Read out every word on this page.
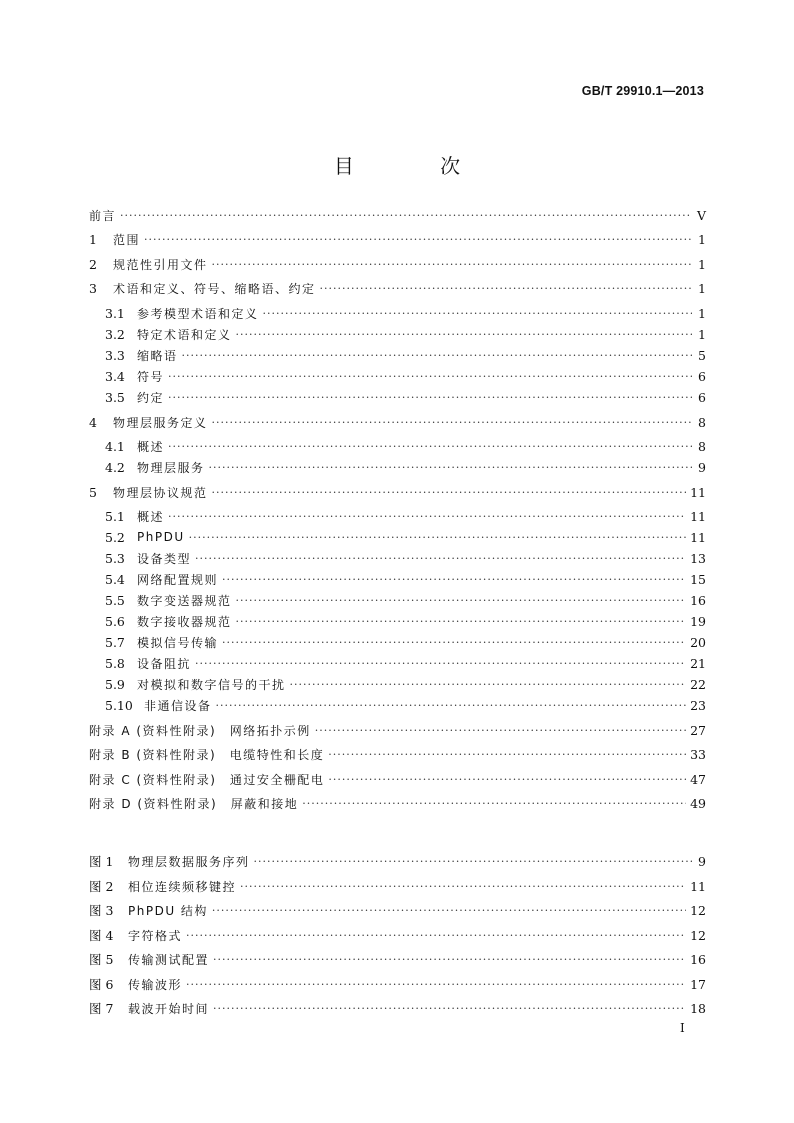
GB/T 29910.1—2013
目 次
前言 ·····	V
1	范围 ·····	1
2	规范性引用文件 ·····	1
3	术语和定义、符号、缩略语、约定 ·····	1
3.1	参考模型术语和定义 ·····	1
3.2	特定术语和定义 ·····	1
3.3	缩略语 ·····	5
3.4	符号 ·····	6
3.5	约定 ·····	6
4	物理层服务定义 ·····	8
4.1	概述 ·····	8
4.2	物理层服务 ·····	9
5	物理层协议规范 ·····	11
5.1	概述 ·····	11
5.2	PhPDU ·····	11
5.3	设备类型 ·····	13
5.4	网络配置规则 ·····	15
5.5	数字变送器规范 ·····	16
5.6	数字接收器规范 ·····	19
5.7	模拟信号传输 ·····	20
5.8	设备阻抗 ·····	21
5.9	对模拟和数字信号的干扰 ·····	22
5.10 非通信设备 ·····	23
附录 A (资料性附录)　网络拓扑示例 ·····	27
附录 B (资料性附录)　电缆特性和长度 ·····	33
附录 C (资料性附录)　通过安全栅配电 ·····	47
附录 D (资料性附录)　屏蔽和接地 ·····	49
图 1	物理层数据服务序列 ·····	9
图 2	相位连续频移键控 ·····	11
图 3	PhPDU 结构 ·····	12
图 4	字符格式 ·····	12
图 5	传输测试配置 ·····	16
图 6	传输波形 ·····	17
图 7	载波开始时间 ·····	18
I
